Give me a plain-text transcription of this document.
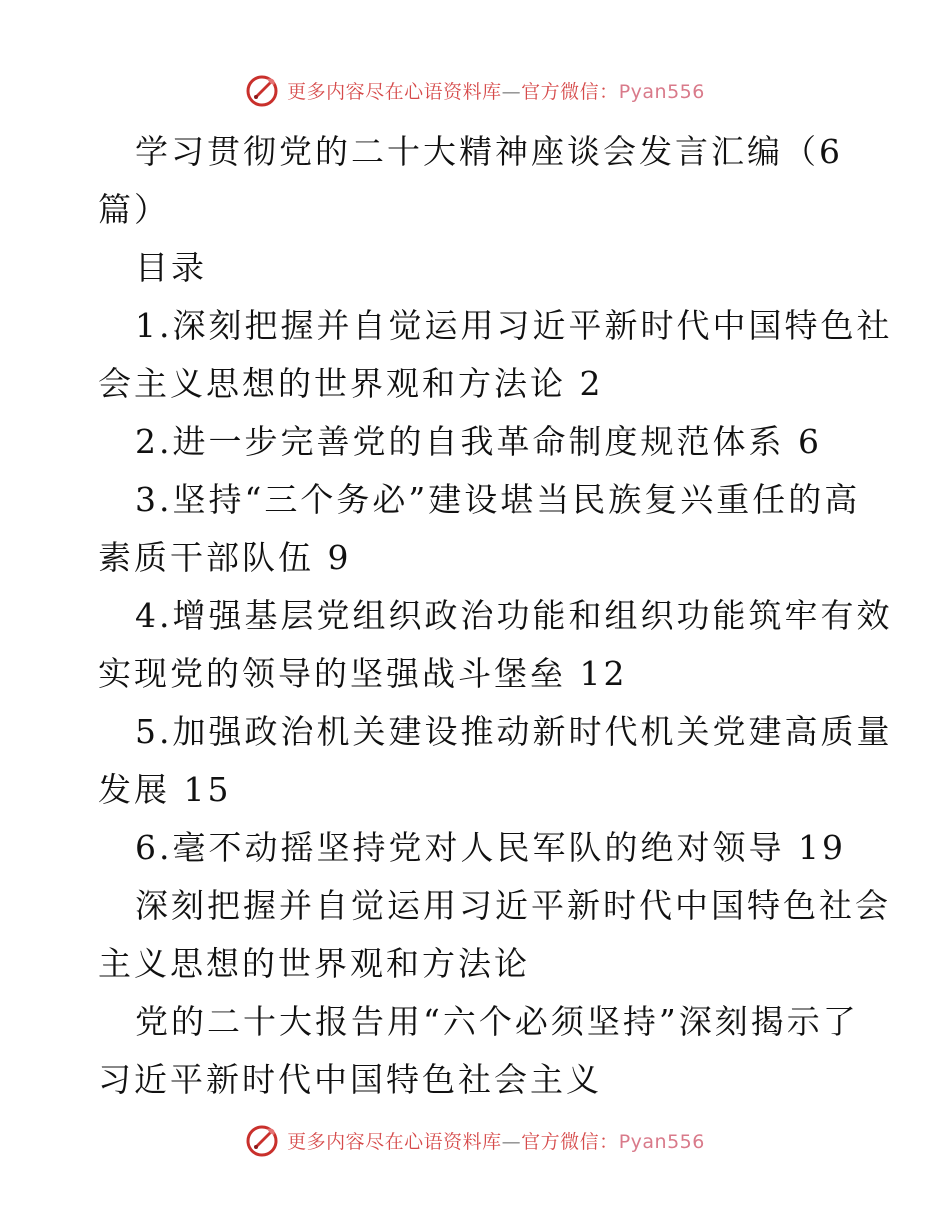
更多内容尽在心语资料库—官方微信：Pyan556
学习贯彻党的二十大精神座谈会发言汇编（6
篇）
目录
1.深刻把握并自觉运用习近平新时代中国特色社
会主义思想的世界观和方法论 2
2.进一步完善党的自我革命制度规范体系 6
3.坚持“三个务必”建设堪当民族复兴重任的高
素质干部队伍 9
4.增强基层党组织政治功能和组织功能筑牢有效
实现党的领导的坚强战斗堡垒 12
5.加强政治机关建设推动新时代机关党建高质量
发展 15
6.毫不动摇坚持党对人民军队的绝对领导 19
深刻把握并自觉运用习近平新时代中国特色社会
主义思想的世界观和方法论
党的二十大报告用“六个必须坚持”深刻揭示了
习近平新时代中国特色社会主义
更多内容尽在心语资料库—官方微信：Pyan556
